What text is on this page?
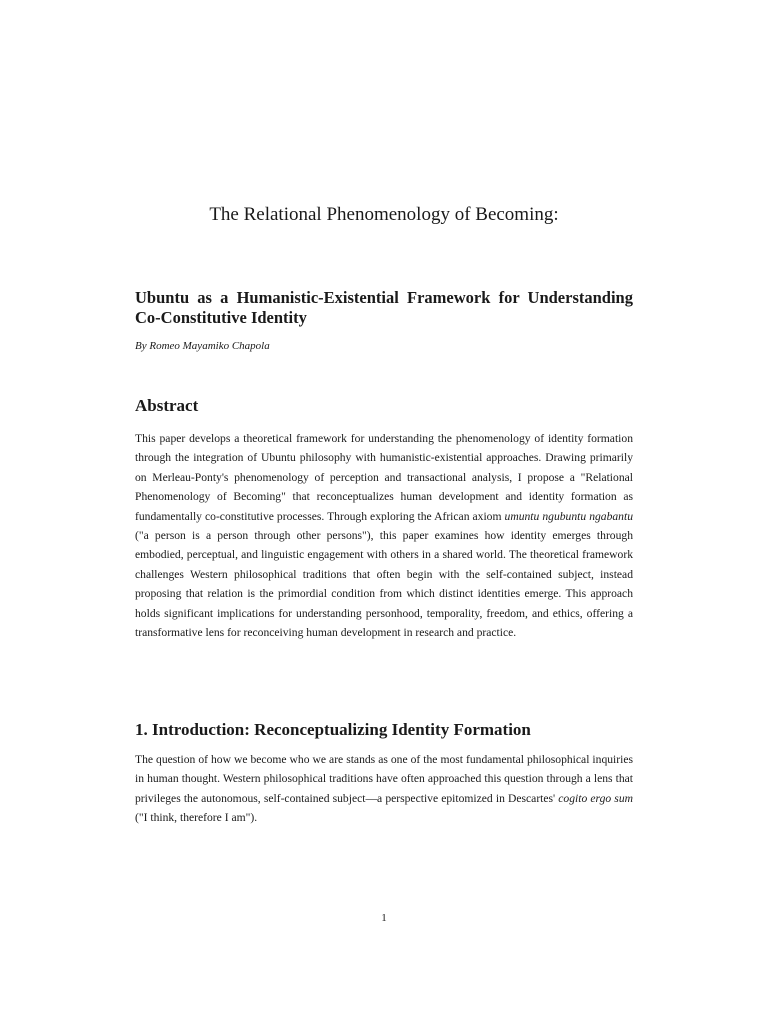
The Relational Phenomenology of Becoming:
Ubuntu as a Humanistic-Existential Framework for Understanding Co-Constitutive Identity

By Romeo Mayamiko Chapola

Abstract

This paper develops a theoretical framework for understanding the phenomenology of identity formation through the integration of Ubuntu philosophy with humanistic-existential approaches. Drawing primarily on Merleau-Ponty's phenomenology of perception and transactional analysis, I propose a "Relational Phenomenology of Becoming" that reconceptualizes human development and identity formation as fundamentally co-constitutive processes. Through exploring the African axiom umuntu ngubuntu ngabantu ("a person is a person through other persons"), this paper examines how identity emerges through embodied, perceptual, and linguistic engagement with others in a shared world. The theoretical framework challenges Western philosophical traditions that often begin with the self-contained subject, instead proposing that relation is the primordial condition from which distinct identities emerge. This approach holds significant implications for understanding personhood, temporality, freedom, and ethics, offering a transformative lens for reconceiving human development in research and practice.

1. Introduction: Reconceptualizing Identity Formation

The question of how we become who we are stands as one of the most fundamental philosophical inquiries in human thought. Western philosophical traditions have often approached this question through a lens that privileges the autonomous, self-contained subject—a perspective epitomized in Descartes' cogito ergo sum ("I think, therefore I am").

1
